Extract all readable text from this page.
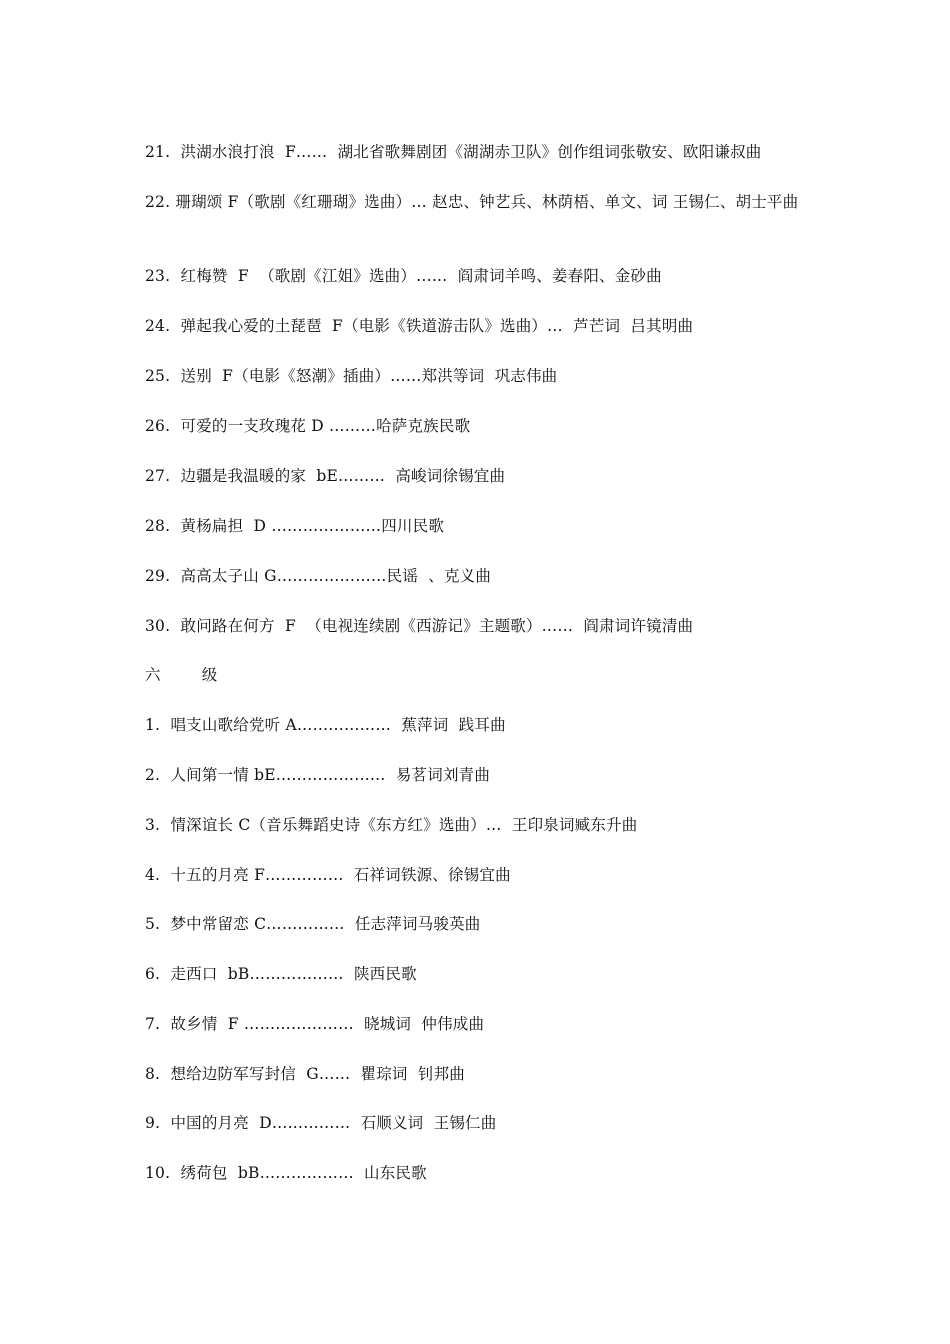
21.  洪湖水浪打浪  F……  湖北省歌舞剧团《湖湖赤卫队》创作组词张敬安、欧阳谦叔曲
22. 珊瑚颂 F（歌剧《红珊瑚》选曲）… 赵忠、钟艺兵、林荫梧、单文、词 王锡仁、胡士平曲
23.  红梅赞  F  （歌剧《江姐》选曲）……  阎肃词羊鸣、姜春阳、金砂曲
24.  弹起我心爱的土琵琶  F（电影《铁道游击队》选曲）…  芦芒词  吕其明曲
25.  送别  F（电影《怒潮》插曲）……郑洪等词  巩志伟曲
26.  可爱的一支玫瑰花 D ………哈萨克族民歌
27.  边疆是我温暖的家  bE………  高峻词徐锡宜曲
28.  黄杨扁担  D …………………四川民歌
29.  高高太子山 G…………………民谣  、克义曲
30.  敢问路在何方  F  （电视连续剧《西游记》主题歌）……  阎肃词许镜清曲
六        级
1.  唱支山歌给党听 A………………  蕉萍词  践耳曲
2.  人间第一情 bE…………………  易茗词刘青曲
3.  情深谊长 C（音乐舞蹈史诗《东方红》选曲）…  王印泉词臧东升曲
4.  十五的月亮 F……………  石祥词铁源、徐锡宜曲
5.  梦中常留恋 C……………  任志萍词马骏英曲
6.  走西口  bB………………  陕西民歌
7.  故乡情  F …………………  晓城词  仲伟成曲
8.  想给边防军写封信  G……  瞿琮词  钊邦曲
9.  中国的月亮  D……………  石顺义词  王锡仁曲
10.  绣荷包  bB………………  山东民歌
